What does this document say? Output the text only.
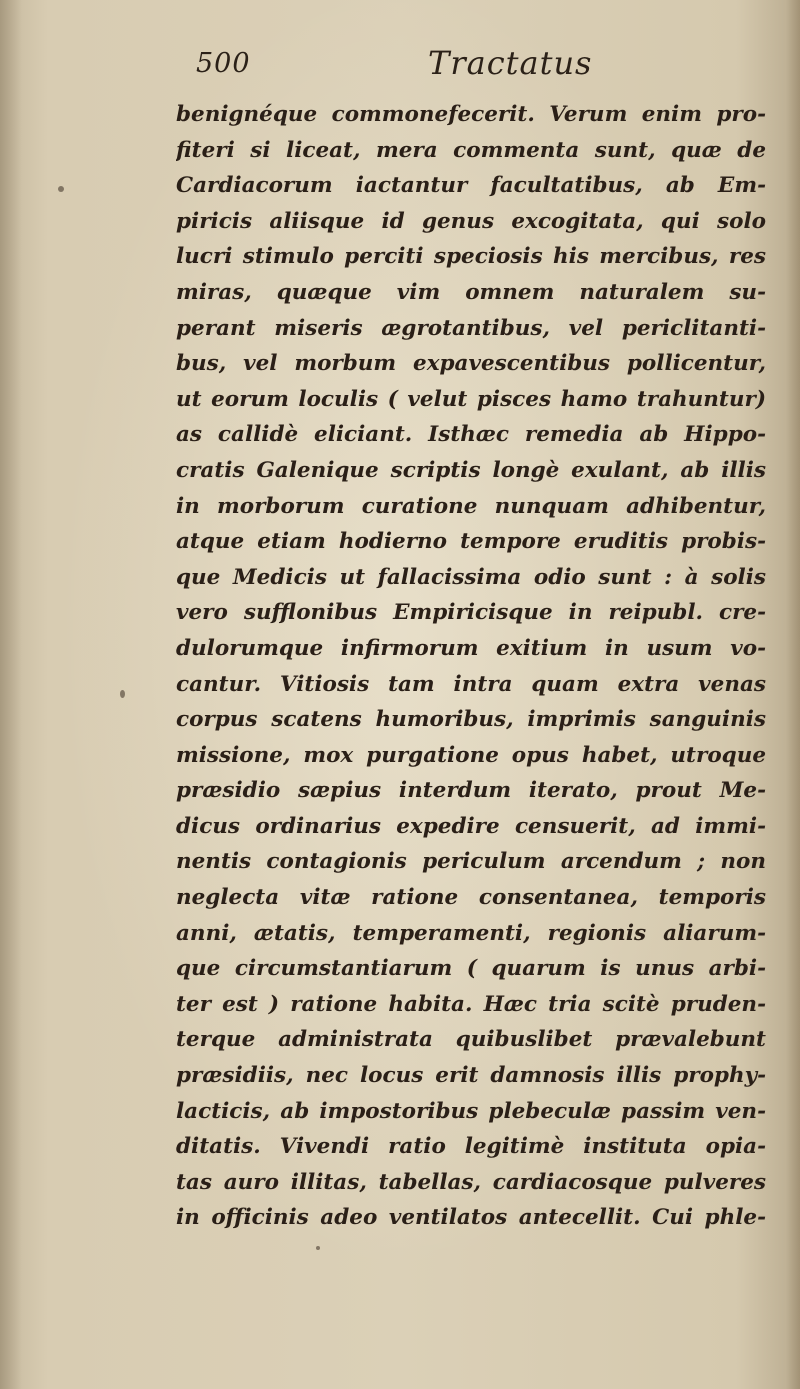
500	Tractatus
benignéque commonefecerit. Verum enim pro-
fiteri si liceat, mera commenta sunt, quæ de
Cardiacorum iactantur facultatibus, ab Em-
piricis aliisque id genus excogitata, qui solo
lucri stimulo perciti speciosis his mercibus, res
miras, quæque vim omnem naturalem su-
perant miseris ægrotantibus, vel periclitanti-
bus, vel morbum expavescentibus pollicentur,
ut eorum loculis ( velut pisces hamo trahuntur)
as callidè eliciant. Isthæc remedia ab Hippo-
cratis Galenique scriptis longè exulant, ab illis
in morborum curatione nunquam adhibentur,
atque etiam hodierno tempore eruditis probis-
que Medicis ut fallacissima odio sunt : à solis
vero sufflonibus Empiricisque in reipubl. cre-
dulorumque infirmorum exitium in usum vo-
cantur. Vitiosis tam intra quam extra venas
corpus scatens humoribus, imprimis sanguinis
missione, mox purgatione opus habet, utroque
præsidio sæpius interdum iterato, prout Me-
dicus ordinarius expedire censuerit, ad immi-
nentis contagionis periculum arcendum ; non
neglecta vitæ ratione consentanea, temporis
anni, ætatis, temperamenti, regionis aliarum-
que circumstantiarum ( quarum is unus arbi-
ter est ) ratione habita. Hæc tria scitè pruden-
terque administrata quibuslibet prævalebunt
præsidiis, nec locus erit damnosis illis prophy-
lacticis, ab impostoribus plebeculæ passim ven-
ditatis. Vivendi ratio legitimè instituta opia-
tas auro illitas, tabellas, cardiacosque pulveres
in officinis adeo ventilatos antecellit. Cui phle-
